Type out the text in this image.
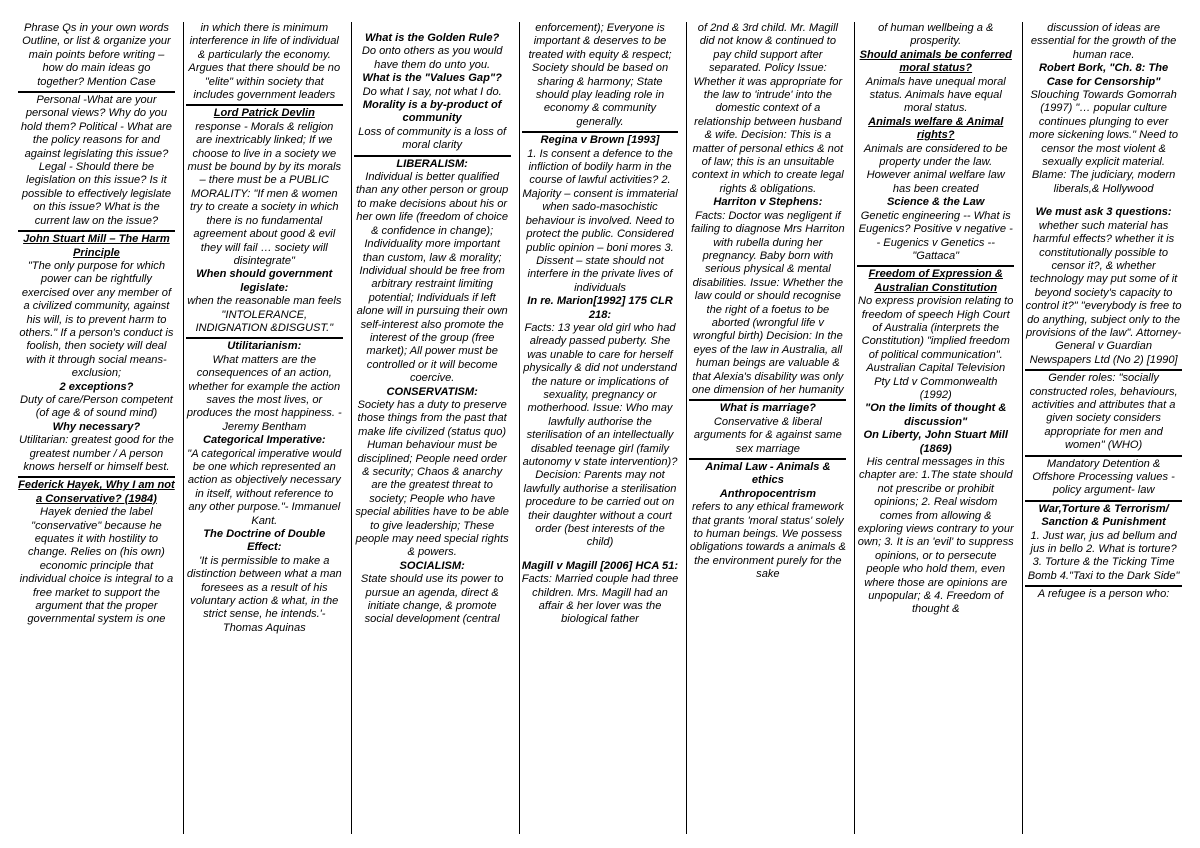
Phrase Qs in your own words Outline, or list & organize your main points before writing – how do main ideas go together? Mention Case

Personal -What are your personal views? Why do you hold them? Political - What are the policy reasons for and against legislating this issue? Legal - Should there be legislation on this issue? Is it possible to effectively legislate on this issue? What is the current law on the issue?

John Stuart Mill – The Harm Principle

"The only purpose for which power can be rightfully exercised over any member of a civilized community, against his will, is to prevent harm to others." If a person's conduct is foolish, then society will deal with it through social means-exclusion;

2 exceptions?

Duty of care/Person competent (of age & of sound mind)

Why necessary?

Utilitarian: greatest good for the greatest number / A person knows herself or himself best.

Federick Hayek, Why I am not a Conservative? (1984)

Hayek denied the label "conservative" because he equates it with hostility to change. Relies on (his own) economic principle that individual choice is integral to a free market to support the argument that the proper governmental system is one

in which there is minimum interference in life of individual & particularly the economy. Argues that there should be no "elite" within society that includes government leaders

Lord Patrick Devlin

response - Morals & religion are inextricably linked; If we choose to live in a society we must be bound by by its morals – there must be a PUBLIC MORALITY: "If men & women try to create a society in which there is no fundamental agreement about good & evil they will fail … society will disintegrate"

When should government legislate:

when the reasonable man feels "INTOLERANCE, INDIGNATION &DISGUST."

Utilitarianism:

What matters are the consequences of an action, whether for example the action saves the most lives, or produces the most happiness. - Jeremy Bentham

Categorical Imperative:

"A categorical imperative would be one which represented an action as objectively necessary in itself, without reference to any other purpose."- Immanuel Kant.

The Doctrine of Double Effect:

'It is permissible to make a distinction between what a man foresees as a result of his voluntary action & what, in the strict sense, he intends.'-Thomas Aquinas

What is the Golden Rule?

Do onto others as you would have them do unto you.

What is the "Values Gap"?

Do what I say, not what I do.

Morality is a by-product of community

Loss of community is a loss of moral clarity

LIBERALISM:

Individual is better qualified than any other person or group to make decisions about his or her own life (freedom of choice & confidence in change); Individuality more important than custom, law & morality; Individual should be free from arbitrary restraint limiting potential; Individuals if left alone will in pursuing their own self-interest also promote the interest of the group (free market); All power must be controlled or it will become coercive.

CONSERVATISM:

Society has a duty to preserve those things from the past that make life civilized (status quo) Human behaviour must be disciplined; People need order & security; Chaos & anarchy are the greatest threat to society; People who have special abilities have to be able to give leadership; These people may need special rights & powers.

SOCIALISM:

State should use its power to pursue an agenda, direct & initiate change, & promote social development (central

enforcement); Everyone is important & deserves to be treated with equity & respect; Society should be based on sharing & harmony; State should play leading role in economy & community generally.

Regina v Brown [1993]

1. Is consent a defence to the infliction of bodily harm in the course of lawful activities? 2. Majority – consent is immaterial when sado-masochistic behaviour is involved. Need to protect the public. Considered public opinion – boni mores 3. Dissent – state should not interfere in the private lives of individuals

In re. Marion[1992] 175 CLR 218:

Facts: 13 year old girl who had already passed puberty. She was unable to care for herself physically & did not understand the nature or implications of sexuality, pregnancy or motherhood. Issue: Who may lawfully authorise the sterilisation of an intellectually disabled teenage girl (family autonomy v state intervention)? Decision: Parents may not lawfully authorise a sterilisation procedure to be carried out on their daughter without a court order (best interests of the child)

Magill v Magill [2006] HCA 51:

Facts: Married couple had three children. Mrs. Magill had an affair & her lover was the biological father

of 2nd & 3rd child. Mr. Magill did not know & continued to pay child support after separated. Policy Issue: Whether it was appropriate for the law to 'intrude' into the domestic context of a relationship between husband & wife. Decision: This is a matter of personal ethics & not of law; this is an unsuitable context in which to create legal rights & obligations.

Harriton v Stephens:

Facts: Doctor was negligent if failing to diagnose Mrs Harriton with rubella during her pregnancy. Baby born with serious physical & mental disabilities. Issue: Whether the law could or should recognise the right of a foetus to be aborted (wrongful life v wrongful birth) Decision: In the eyes of the law in Australia, all human beings are valuable & that Alexia's disability was only one dimension of her humanity

What is marriage?

Conservative & liberal arguments for & against same sex marriage

Animal Law - Animals & ethics

Anthropocentrism

refers to any ethical framework that grants 'moral status' solely to human beings. We possess obligations towards a animals & the environment purely for the sake

of human wellbeing a & prosperity.

Should animals be conferred moral status?

Animals have unequal moral status. Animals have equal moral status.

Animals welfare & Animal rights?

Animals are considered to be property under the law. However animal welfare law has been created

Science & the Law

Genetic engineering -- What is Eugenics? Positive v negative -- Eugenics v Genetics -- "Gattaca"

Freedom of Expression & Australian Constitution

No express provision relating to freedom of speech High Court of Australia (interprets the Constitution) "implied freedom of political communication". Australian Capital Television Pty Ltd v Commonwealth (1992)

"On the limits of thought & discussion"

On Liberty, John Stuart Mill (1869)

His central messages in this chapter are: 1.The state should not prescribe or prohibit opinions; 2. Real wisdom comes from allowing & exploring views contrary to your own; 3. It is an 'evil' to suppress opinions, or to persecute people who hold them, even where those are opinions are unpopular; & 4. Freedom of thought &

discussion of ideas are essential for the growth of the human race.

Robert Bork, "Ch. 8: The Case for Censorship"

Slouching Towards Gomorrah (1997) "… popular culture continues plunging to ever more sickening lows." Need to censor the most violent & sexually explicit material. Blame: The judiciary, modern liberals,& Hollywood

We must ask 3 questions:

whether such material has harmful effects? whether it is constitutionally possible to censor it?, & whether technology may put some of it beyond society's capacity to control it?" "everybody is free to do anything, subject only to the provisions of the law". Attorney-General v Guardian Newspapers Ltd (No 2) [1990]

Gender roles: "socially constructed roles, behaviours, activities and attributes that a given society considers appropriate for men and women" (WHO)

Mandatory Detention & Offshore Processing values -policy argument- law

War,Torture & Terrorism/ Sanction & Punishment

1. Just war, jus ad bellum and jus in bello 2. What is torture? 3. Torture & the Ticking Time Bomb 4."Taxi to the Dark Side"

A refugee is a person who:
